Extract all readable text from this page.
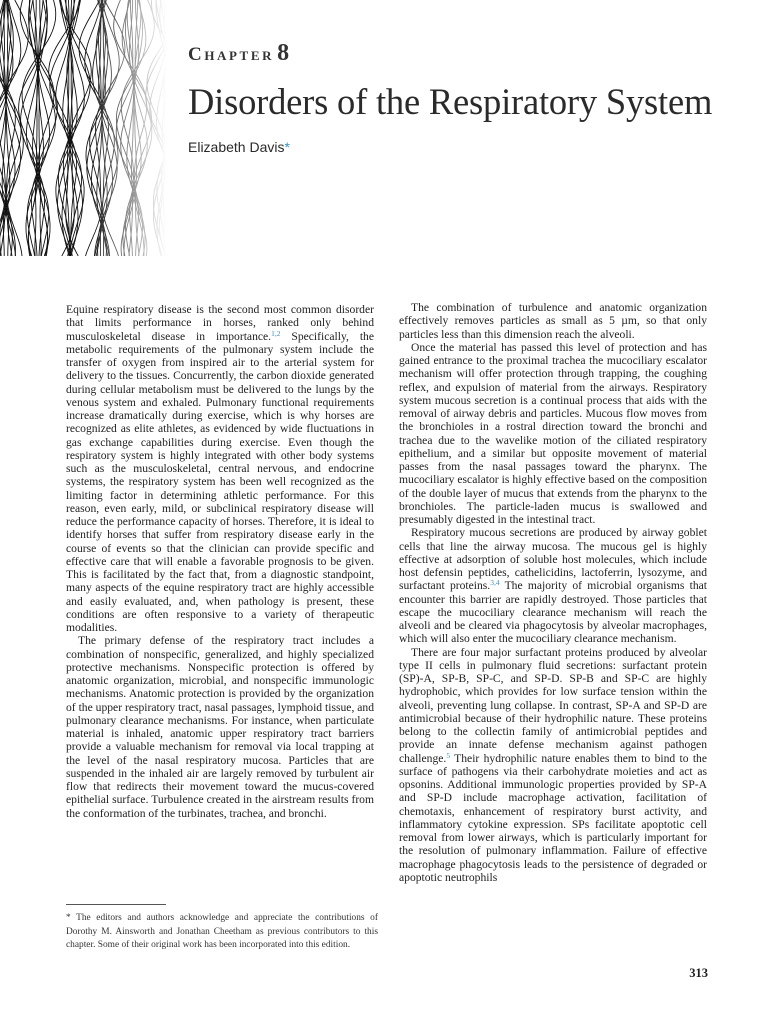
Chapter 8
Disorders of the Respiratory System

Elizabeth Davis*

Equine respiratory disease is the second most common disorder that limits performance in horses, ranked only behind musculoskeletal disease in importance.$^{1,2}$ Specifically, the metabolic requirements of the pulmonary system include the transfer of oxygen from inspired air to the arterial system for delivery to the tissues. Concurrently, the carbon dioxide generated during cellular metabolism must be delivered to the lungs by the venous system and exhaled. Pulmonary functional requirements increase dramatically during exercise, which is why horses are recognized as elite athletes, as evidenced by wide fluctuations in gas exchange capabilities during exercise. Even though the respiratory system is highly integrated with other body systems such as the musculoskeletal, central nervous, and endocrine systems, the respiratory system has been well recognized as the limiting factor in determining athletic performance. For this reason, even early, mild, or subclinical respiratory disease will reduce the performance capacity of horses. Therefore, it is ideal to identify horses that suffer from respiratory disease early in the course of events so that the clinician can provide specific and effective care that will enable a favorable prognosis to be given. This is facilitated by the fact that, from a diagnostic standpoint, many aspects of the equine respiratory tract are highly accessible and easily evaluated, and, when pathology is present, these conditions are often responsive to a variety of therapeutic modalities.

The primary defense of the respiratory tract includes a combination of nonspecific, generalized, and highly specialized protective mechanisms. Nonspecific protection is offered by anatomic organization, microbial, and nonspecific immunologic mechanisms. Anatomic protection is provided by the organization of the upper respiratory tract, nasal passages, lymphoid tissue, and pulmonary clearance mechanisms. For instance, when particulate material is inhaled, anatomic upper respiratory tract barriers provide a valuable mechanism for removal via local trapping at the level of the nasal respiratory mucosa. Particles that are suspended in the inhaled air are largely removed by turbulent air flow that redirects their movement toward the mucus-covered epithelial surface. Turbulence created in the airstream results from the conformation of the turbinates, trachea, and bronchi.

The combination of turbulence and anatomic organization effectively removes particles as small as 5 µm, so that only particles less than this dimension reach the alveoli.

Once the material has passed this level of protection and has gained entrance to the proximal trachea the mucociliary escalator mechanism will offer protection through trapping, the coughing reflex, and expulsion of material from the airways. Respiratory system mucous secretion is a continual process that aids with the removal of airway debris and particles. Mucous flow moves from the bronchioles in a rostral direction toward the bronchi and trachea due to the wavelike motion of the ciliated respiratory epithelium, and a similar but opposite movement of material passes from the nasal passages toward the pharynx. The mucociliary escalator is highly effective based on the composition of the double layer of mucus that extends from the pharynx to the bronchioles. The particle-laden mucus is swallowed and presumably digested in the intestinal tract.

Respiratory mucous secretions are produced by airway goblet cells that line the airway mucosa. The mucous gel is highly effective at adsorption of soluble host molecules, which include host defensin peptides, cathelicidins, lactoferrin, lysozyme, and surfactant proteins.$^{3,4}$ The majority of microbial organisms that encounter this barrier are rapidly destroyed. Those particles that escape the mucociliary clearance mechanism will reach the alveoli and be cleared via phagocytosis by alveolar macrophages, which will also enter the mucociliary clearance mechanism.

There are four major surfactant proteins produced by alveolar type II cells in pulmonary fluid secretions: surfactant protein (SP)-A, SP-B, SP-C, and SP-D. SP-B and SP-C are highly hydrophobic, which provides for low surface tension within the alveoli, preventing lung collapse. In contrast, SP-A and SP-D are antimicrobial because of their hydrophilic nature. These proteins belong to the collectin family of antimicrobial peptides and provide an innate defense mechanism against pathogen challenge.$^5$ Their hydrophilic nature enables them to bind to the surface of pathogens via their carbohydrate moieties and act as opsonins. Additional immunologic properties provided by SP-A and SP-D include macrophage activation, facilitation of chemotaxis, enhancement of respiratory burst activity, and inflammatory cytokine expression. SPs facilitate apoptotic cell removal from lower airways, which is particularly important for the resolution of pulmonary inflammation. Failure of effective macrophage phagocytosis leads to the persistence of degraded or apoptotic neutrophils

* The editors and authors acknowledge and appreciate the contributions of Dorothy M. Ainsworth and Jonathan Cheetham as previous contributors to this chapter. Some of their original work has been incorporated into this edition.

313
